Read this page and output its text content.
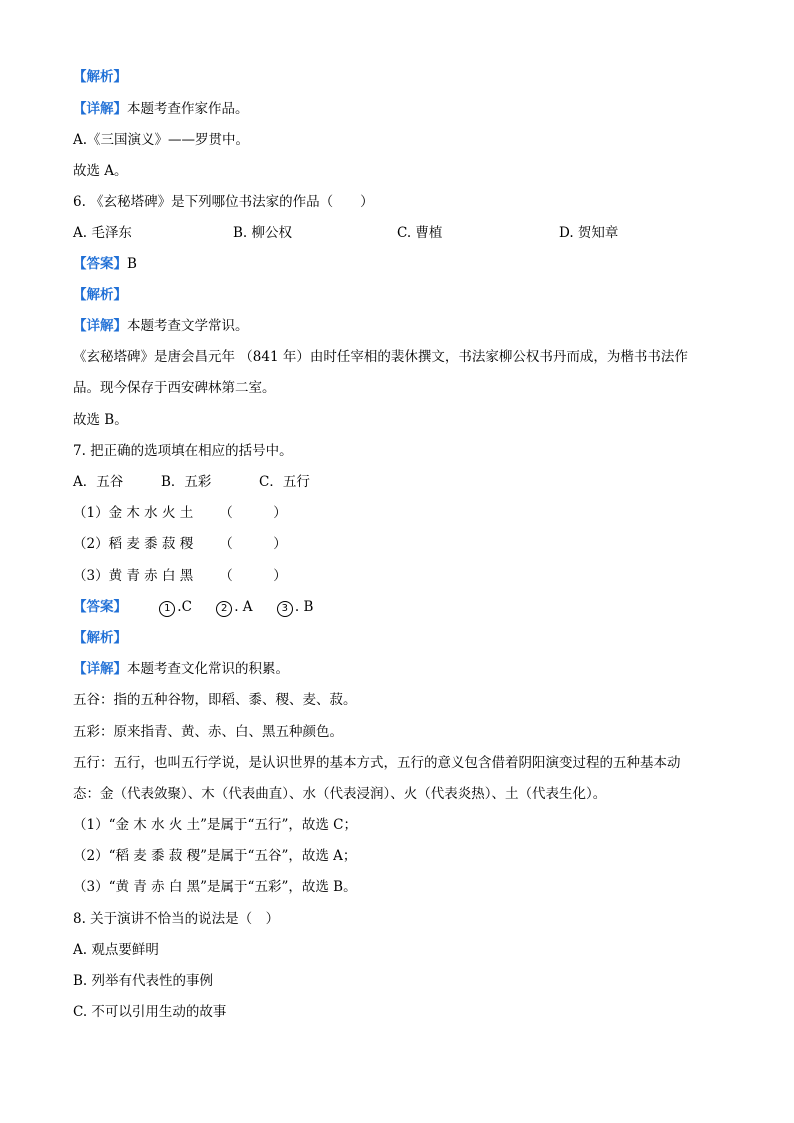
【解析】
【详解】本题考查作家作品。
A.《三国演义》——罗贯中。
故选 A。
6. 《玄秘塔碑》是下列哪位书法家的作品（　　）
A. 毛泽东	B. 柳公权	C. 曹植	D. 贺知章
【答案】B
【解析】
【详解】本题考查文学常识。
《玄秘塔碑》是唐会昌元年 （841 年）由时任宰相的裴休撰文，书法家柳公权书丹而成，为楷书书法作
品。现今保存于西安碑林第二室。
故选 B。
7. 把正确的选项填在相应的括号中。
A．五谷	B．五彩	C．五行
（1）金 木 水 火 土 （　　　）
（2）稻 麦 黍 菽 稷 （　　　）
（3）黄 青 赤 白 黑 （　　　）
【答案】	1 .C	2 . A	3 . B
【解析】
【详解】本题考查文化常识的积累。
五谷：指的五种谷物，即稻、黍、稷、麦、菽。
五彩：原来指青、黄、赤、白、黑五种颜色。
五行：五行，也叫五行学说，是认识世界的基本方式，五行的意义包含借着阴阳演变过程的五种基本动
态：金（代表敛聚）、木（代表曲直）、水（代表浸润）、火（代表炎热）、土（代表生化）。
（1）“金 木 水 火 土”是属于“五行”，故选 C；
（2）“稻 麦 黍 菽 稷”是属于“五谷”，故选 A；
（3）“黄 青 赤 白 黑”是属于“五彩”，故选 B。
8. 关于演讲不恰当的说法是（　）
A. 观点要鲜明
B. 列举有代表性的事例
C. 不可以引用生动的故事
